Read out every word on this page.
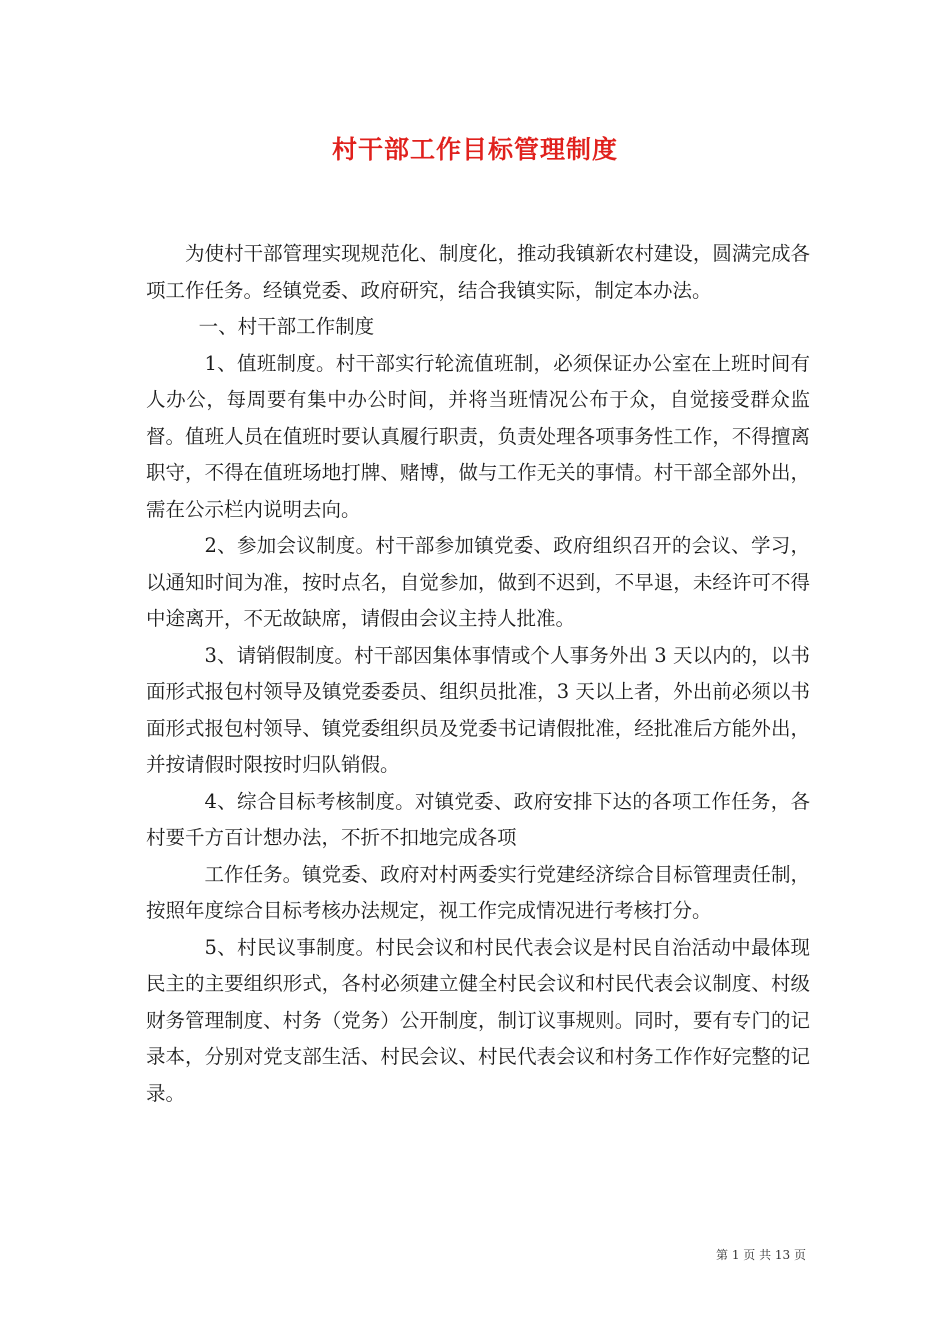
村干部工作目标管理制度

为使村干部管理实现规范化、制度化，推动我镇新农村建设，圆满完成各项工作任务。经镇党委、政府研究，结合我镇实际，制定本办法。

一、村干部工作制度

1、值班制度。村干部实行轮流值班制，必须保证办公室在上班时间有人办公，每周要有集中办公时间，并将当班情况公布于众，自觉接受群众监督。值班人员在值班时要认真履行职责，负责处理各项事务性工作，不得擅离职守，不得在值班场地打牌、赌博，做与工作无关的事情。村干部全部外出，需在公示栏内说明去向。

2、参加会议制度。村干部参加镇党委、政府组织召开的会议、学习，以通知时间为准，按时点名，自觉参加，做到不迟到，不早退，未经许可不得中途离开，不无故缺席，请假由会议主持人批准。

3、请销假制度。村干部因集体事情或个人事务外出 3 天以内的，以书面形式报包村领导及镇党委委员、组织员批准，3 天以上者，外出前必须以书面形式报包村领导、镇党委组织员及党委书记请假批准，经批准后方能外出，并按请假时限按时归队销假。

4、综合目标考核制度。对镇党委、政府安排下达的各项工作任务，各村要千方百计想办法，不折不扣地完成各项

工作任务。镇党委、政府对村两委实行党建经济综合目标管理责任制，按照年度综合目标考核办法规定，视工作完成情况进行考核打分。

5、村民议事制度。村民会议和村民代表会议是村民自治活动中最体现民主的主要组织形式，各村必须建立健全村民会议和村民代表会议制度、村级财务管理制度、村务（党务）公开制度，制订议事规则。同时，要有专门的记录本，分别对党支部生活、村民会议、村民代表会议和村务工作作好完整的记录。

第 1 页 共 13 页
